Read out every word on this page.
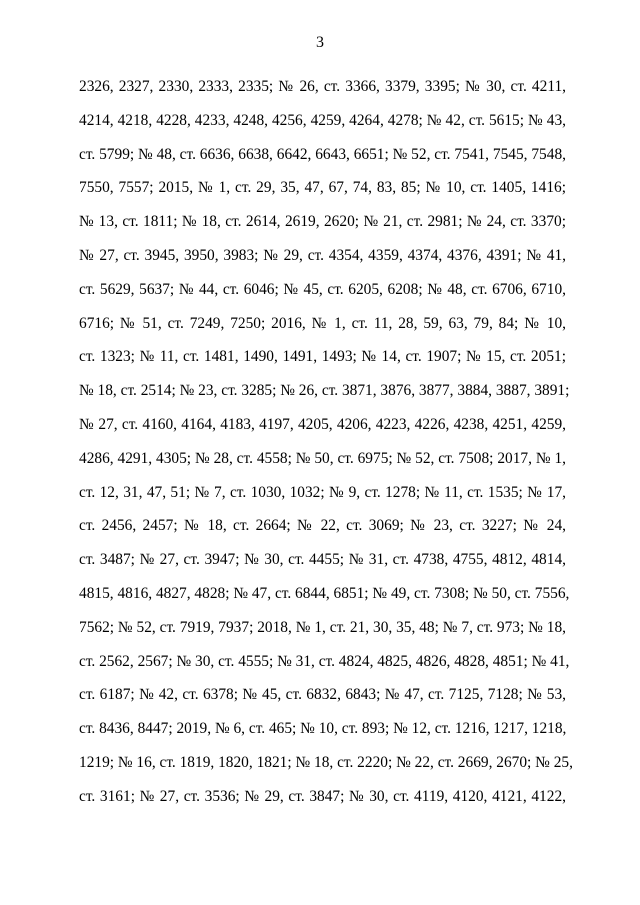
3
2326, 2327, 2330, 2333, 2335; № 26, ст. 3366, 3379, 3395; № 30, ст. 4211,
4214, 4218, 4228, 4233, 4248, 4256, 4259, 4264, 4278; № 42, ст. 5615; № 43,
ст. 5799; № 48, ст. 6636, 6638, 6642, 6643, 6651; № 52, ст. 7541, 7545, 7548,
7550, 7557; 2015, № 1, ст. 29, 35, 47, 67, 74, 83, 85; № 10, ст. 1405, 1416;
№ 13, ст. 1811; № 18, ст. 2614, 2619, 2620; № 21, ст. 2981; № 24, ст. 3370;
№ 27, ст. 3945, 3950, 3983; № 29, ст. 4354, 4359, 4374, 4376, 4391; № 41,
ст. 5629, 5637; № 44, ст. 6046; № 45, ст. 6205, 6208; № 48, ст. 6706, 6710,
6716; № 51, ст. 7249, 7250; 2016, № 1, ст. 11, 28, 59, 63, 79, 84; № 10,
ст. 1323; № 11, ст. 1481, 1490, 1491, 1493; № 14, ст. 1907; № 15, ст. 2051;
№ 18, ст. 2514; № 23, ст. 3285; № 26, ст. 3871, 3876, 3877, 3884, 3887, 3891;
№ 27, ст. 4160, 4164, 4183, 4197, 4205, 4206, 4223, 4226, 4238, 4251, 4259,
4286, 4291, 4305; № 28, ст. 4558; № 50, ст. 6975; № 52, ст. 7508; 2017, № 1,
ст. 12, 31, 47, 51; № 7, ст. 1030, 1032; № 9, ст. 1278; № 11, ст. 1535; № 17,
ст. 2456, 2457; № 18, ст. 2664; № 22, ст. 3069; № 23, ст. 3227; № 24,
ст. 3487; № 27, ст. 3947; № 30, ст. 4455; № 31, ст. 4738, 4755, 4812, 4814,
4815, 4816, 4827, 4828; № 47, ст. 6844, 6851; № 49, ст. 7308; № 50, ст. 7556,
7562; № 52, ст. 7919, 7937; 2018, № 1, ст. 21, 30, 35, 48; № 7, ст. 973; № 18,
ст. 2562, 2567; № 30, ст. 4555; № 31, ст. 4824, 4825, 4826, 4828, 4851; № 41,
ст. 6187; № 42, ст. 6378; № 45, ст. 6832, 6843; № 47, ст. 7125, 7128; № 53,
ст. 8436, 8447; 2019, № 6, ст. 465; № 10, ст. 893; № 12, ст. 1216, 1217, 1218,
1219; № 16, ст. 1819, 1820, 1821; № 18, ст. 2220; № 22, ст. 2669, 2670; № 25,
ст. 3161; № 27, ст. 3536; № 29, ст. 3847; № 30, ст. 4119, 4120, 4121, 4122,
